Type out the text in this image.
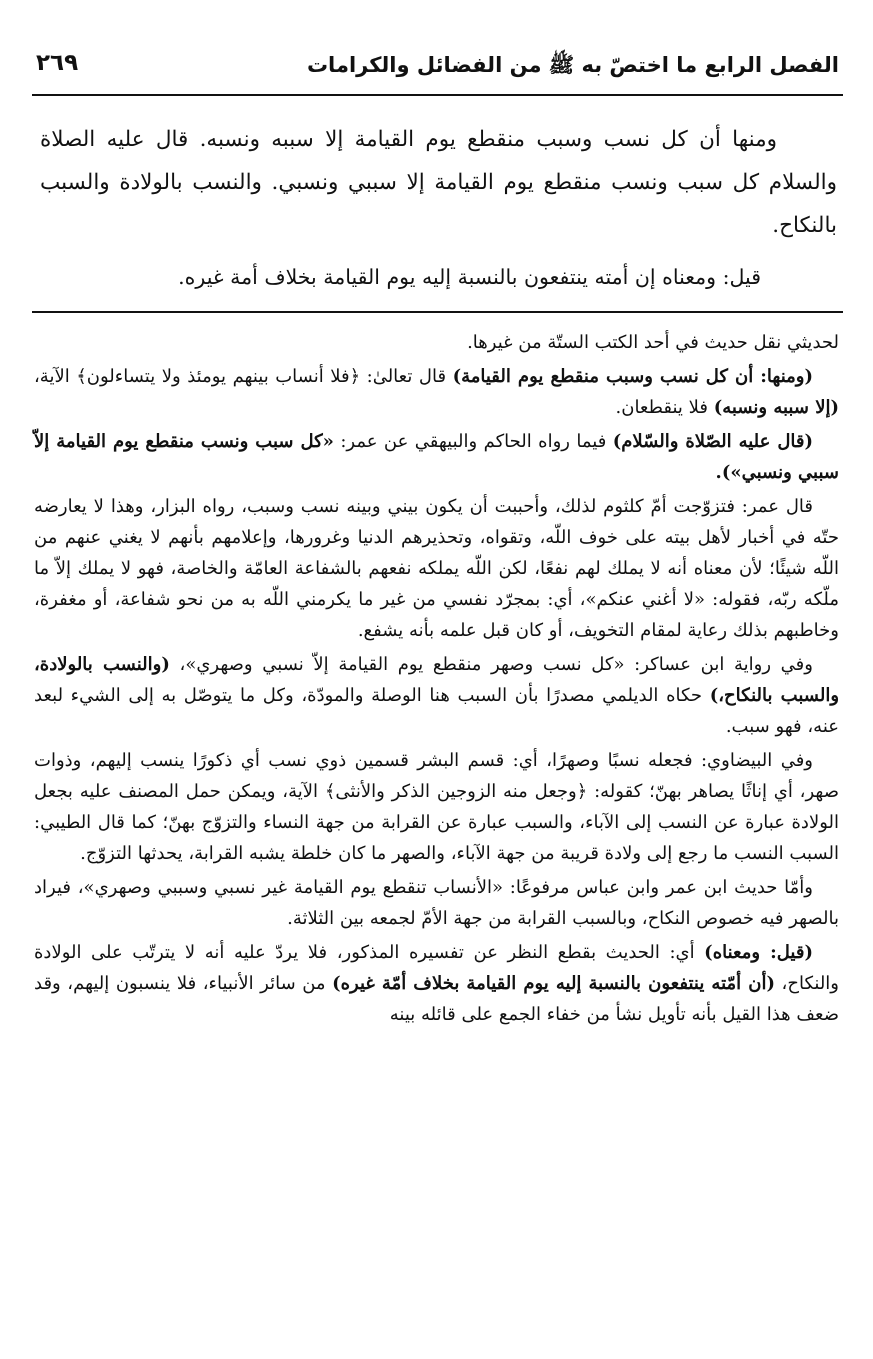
الفصل الرابع ما اختصّ به ﷺ من الفضائل والكرامات
٢٦٩

ومنها أن كل نسب وسبب منقطع يوم القيامة إلا سببه ونسبه. قال عليه الصلاة والسلام كل سبب ونسب منقطع يوم القيامة إلا سببي ونسبي. والنسب بالولادة والسبب بالنكاح.

قيل: ومعناه إن أمته ينتفعون بالنسبة إليه يوم القيامة بخلاف أمة غيره.

لحديثي نقل حديث في أحد الكتب الستّة من غيرها.

(ومنها: أن كل نسب وسبب منقطع يوم القيامة) قال تعالىٰ: ﴿فلا أنساب بينهم يومئذ ولا يتساءلون﴾ الآية، (إلا سببه ونسبه) فلا ينقطعان.

(قال عليه الصّلاة والسّلام) فيما رواه الحاكم والبيهقي عن عمر: «كل سبب ونسب منقطع يوم القيامة إلاّ سببي ونسبي»).

قال عمر: فتزوّجت أمّ كلثوم لذلك، وأحببت أن يكون بيني وبينه نسب وسبب، رواه البزار، وهذا لا يعارضه حتّه في أخبار لأهل بيته على خوف اللّه، وتقواه، وتحذيرهم الدنيا وغرورها، وإعلامهم بأنهم لا يغني عنهم من اللّه شيئًا؛ لأن معناه أنه لا يملك لهم نفعًا، لكن اللّه يملكه نفعهم بالشفاعة العامّة والخاصة، فهو لا يملك إلاّ ما ملّكه ربّه، فقوله: «لا أغني عنكم»، أي: بمجرّد نفسي من غير ما يكرمني اللّه به من نحو شفاعة، أو مغفرة، وخاطبهم بذلك رعاية لمقام التخويف، أو كان قبل علمه بأنه يشفع.

وفي رواية ابن عساكر: «كل نسب وصهر منقطع يوم القيامة إلاّ نسبي وصهري»، (والنسب بالولادة، والسبب بالنكاح،) حكاه الديلمي مصدرًا بأن السبب هنا الوصلة والمودّة، وكل ما يتوصّل به إلى الشيء لبعد عنه، فهو سبب.

وفي البيضاوي: فجعله نسبًا وصهرًا، أي: قسم البشر قسمين ذوي نسب أي ذكورًا ينسب إليهم، وذوات صهر، أي إناثًا يصاهر بهنّ؛ كقوله: ﴿وجعل منه الزوجين الذكر والأنثى﴾ الآية، ويمكن حمل المصنف عليه بجعل الولادة عبارة عن النسب إلى الآباء، والسبب عبارة عن القرابة من جهة النساء والتزوّج بهنّ؛ كما قال الطيبي: السبب النسب ما رجع إلى ولادة قريبة من جهة الآباء، والصهر ما كان خلطة يشبه القرابة، يحدثها التزوّج.

وأمّا حديث ابن عمر وابن عباس مرفوعًا: «الأنساب تنقطع يوم القيامة غير نسبي وسببي وصهري»، فيراد بالصهر فيه خصوص النكاح، وبالسبب القرابة من جهة الأمّ لجمعه بين الثلاثة.

(قيل: ومعناه) أي: الحديث بقطع النظر عن تفسيره المذكور، فلا يردّ عليه أنه لا يترتّب على الولادة والنكاح، (أن أمّته ينتفعون بالنسبة إليه يوم القيامة بخلاف أمّة غيره) من سائر الأنبياء، فلا ينسبون إليهم، وقد ضعف هذا القيل بأنه تأويل نشأ من خفاء الجمع على قائله بينه
